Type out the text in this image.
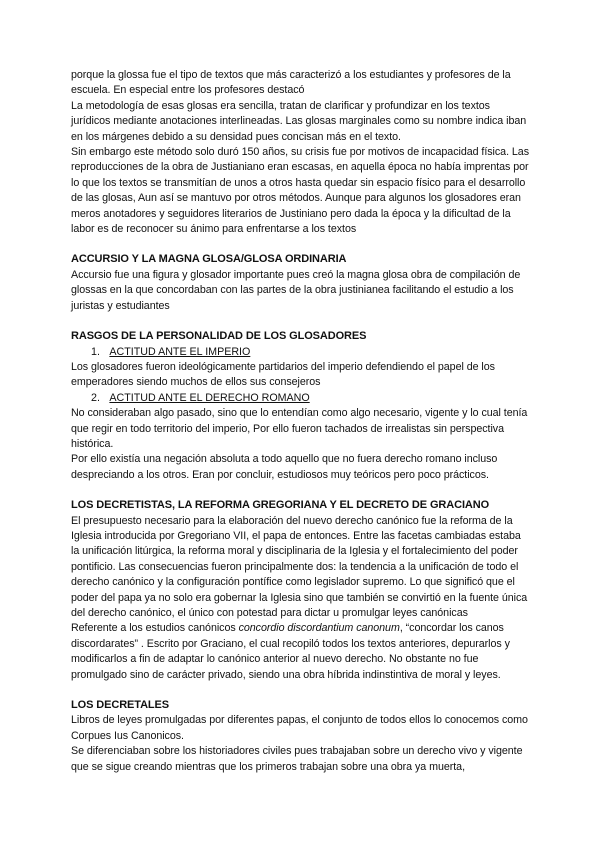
porque la glossa fue el tipo de textos que más caracterizó a los estudiantes y profesores de la escuela. En especial entre los profesores destacó

La metodología de esas glosas era sencilla, tratan de clarificar y profundizar en los textos jurídicos mediante anotaciones interlineadas. Las glosas marginales como su nombre indica iban en los márgenes debido a su densidad pues concisan más en el texto.

Sin embargo este método solo duró 150 años, su crisis fue por motivos de incapacidad física. Las reproducciones de la obra de Justianiano eran escasas, en aquella época no había imprentas por lo que los textos se transmitían de unos a otros hasta quedar sin espacio físico para el desarrollo de las glosas, Aun así se mantuvo por otros métodos. Aunque para algunos los glosadores eran meros anotadores y seguidores literarios de Justiniano pero dada la época y la dificultad de la labor es de reconocer su ánimo para enfrentarse a los textos

ACCURSIO Y LA MAGNA GLOSA/GLOSA ORDINARIA

Accursio fue una figura y glosador importante pues creó la magna glosa obra de compilación de glossas en la que concordaban con las partes de la obra justinianea facilitando el estudio a los juristas y estudiantes

RASGOS DE LA PERSONALIDAD DE LOS GLOSADORES
1. ACTITUD ANTE EL IMPERIO

Los glosadores fueron ideológicamente partidarios del imperio defendiendo el papel de los emperadores siendo muchos de ellos sus consejeros

2. ACTITUD ANTE EL DERECHO ROMANO

No consideraban algo pasado, sino que lo entendían como algo necesario, vigente y lo cual tenía que regir en todo territorio del imperio, Por ello fueron tachados de irrealistas sin perspectiva histórica.

Por ello existía una negación absoluta a todo aquello que no fuera derecho romano incluso despreciando a los otros. Eran por concluir, estudiosos muy teóricos pero poco prácticos.

LOS DECRETISTAS, LA REFORMA GREGORIANA Y EL DECRETO DE GRACIANO

El presupuesto necesario para la elaboración del nuevo derecho canónico fue la reforma de la Iglesia introducida por Gregoriano VII, el papa de entonces. Entre las facetas cambiadas estaba la unificación litúrgica, la reforma moral y disciplinaria de la Iglesia y el fortalecimiento del poder pontificio. Las consecuencias fueron principalmente dos: la tendencia a la unificación de todo el derecho canónico y la configuración pontífice como legislador supremo. Lo que significó que el poder del papa ya no solo era gobernar la Iglesia sino que también se convirtió en la fuente única del derecho canónico, el único con potestad para dictar u promulgar leyes canónicas

Referente a los estudios canónicos concordio discordantium canonum, “concordar los canos discordarates” . Escrito por Graciano, el cual recopiló todos los textos anteriores, depurarlos y modificarlos a fin de adaptar lo canónico anterior al nuevo derecho. No obstante no fue promulgado sino de carácter privado, siendo una obra híbrida indinstintiva de moral y leyes.

LOS DECRETALES

Libros de leyes promulgadas por diferentes papas, el conjunto de todos ellos lo conocemos como Corpues Ius Canonicos.

Se diferenciaban sobre los historiadores civiles pues trabajaban sobre un derecho vivo y vigente que se sigue creando mientras que los primeros trabajan sobre una obra ya muerta,
